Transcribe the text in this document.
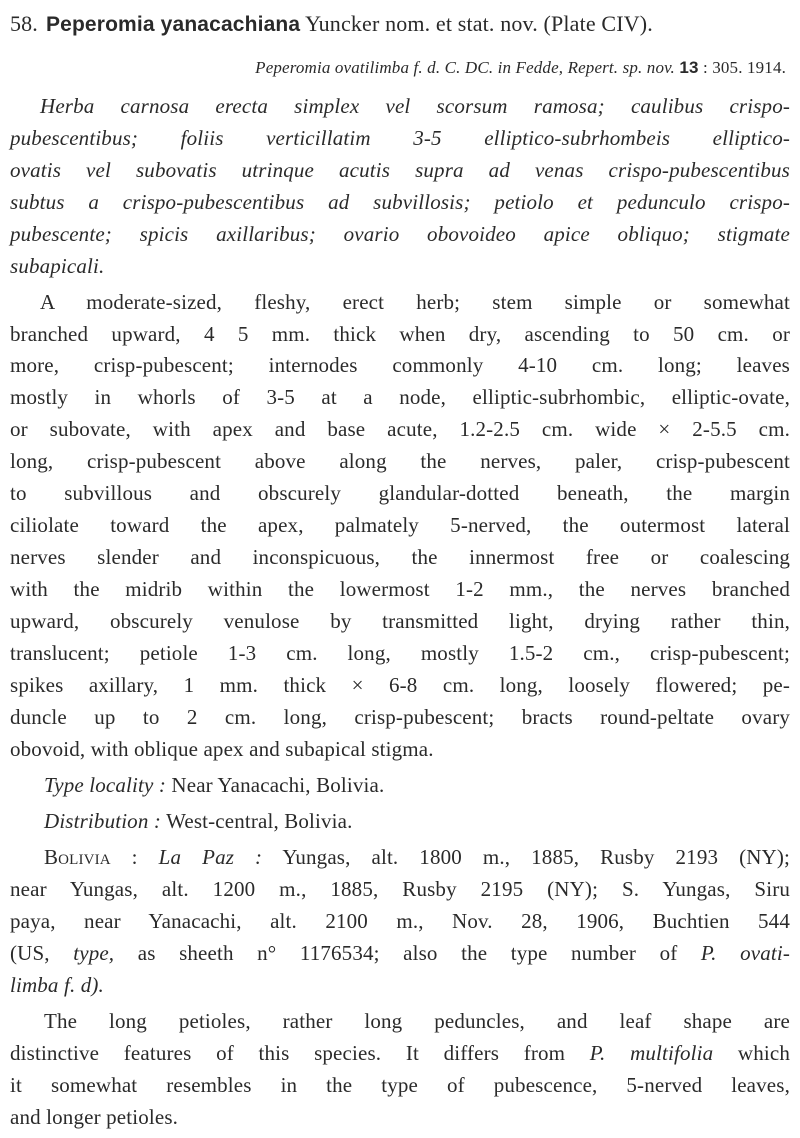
58. Peperomia yanacachiana Yuncker nom. et stat. nov. (Plate CIV).
Peperomia ovatilimba f. d. C. DC. in Fedde, Repert. sp. nov. 13 : 305. 1914.
Herba carnosa erecta simplex vel scorsum ramosa; caulibus crispo-
pubescentibus; foliis verticillatim 3-5 elliptico-subrhombeis elliptico-
ovatis vel subovatis utrinque acutis supra ad venas crispo-pubescentibus
subtus a crispo-pubescentibus ad subvillosis; petiolo et pedunculo crispo-
pubescente; spicis axillaribus; ovario obovoideo apice obliquo; stigmate
subapicali.
A moderate-sized, fleshy, erect herb; stem simple or somewhat
branched upward, 4 5 mm. thick when dry, ascending to 50 cm. or
more, crisp-pubescent; internodes commonly 4-10 cm. long; leaves
mostly in whorls of 3-5 at a node, elliptic-subrhombic, elliptic-ovate,
or subovate, with apex and base acute, 1.2-2.5 cm. wide × 2-5.5 cm.
long, crisp-pubescent above along the nerves, paler, crisp-pubescent
to subvillous and obscurely glandular-dotted beneath, the margin
ciliolate toward the apex, palmately 5-nerved, the outermost lateral
nerves slender and inconspicuous, the innermost free or coalescing
with the midrib within the lowermost 1-2 mm., the nerves branched
upward, obscurely venulose by transmitted light, drying rather thin,
translucent; petiole 1-3 cm. long, mostly 1.5-2 cm., crisp-pubescent;
spikes axillary, 1 mm. thick × 6-8 cm. long, loosely flowered; pe-
duncle up to 2 cm. long, crisp-pubescent; bracts round-peltate ovary
obovoid, with oblique apex and subapical stigma.
Type locality : Near Yanacachi, Bolivia.
Distribution : West-central, Bolivia.
Bolivia : La Paz : Yungas, alt. 1800 m., 1885, Rusby 2193 (NY);
near Yungas, alt. 1200 m., 1885, Rusby 2195 (NY); S. Yungas, Siru
paya, near Yanacachi, alt. 2100 m., Nov. 28, 1906, Buchtien 544
(US, type, as sheeth n° 1176534; also the type number of P. ovati-
limba f. d).
The long petioles, rather long peduncles, and leaf shape are
distinctive features of this species. It differs from P. multifolia which
it somewhat resembles in the type of pubescence, 5-nerved leaves,
and longer petioles.
